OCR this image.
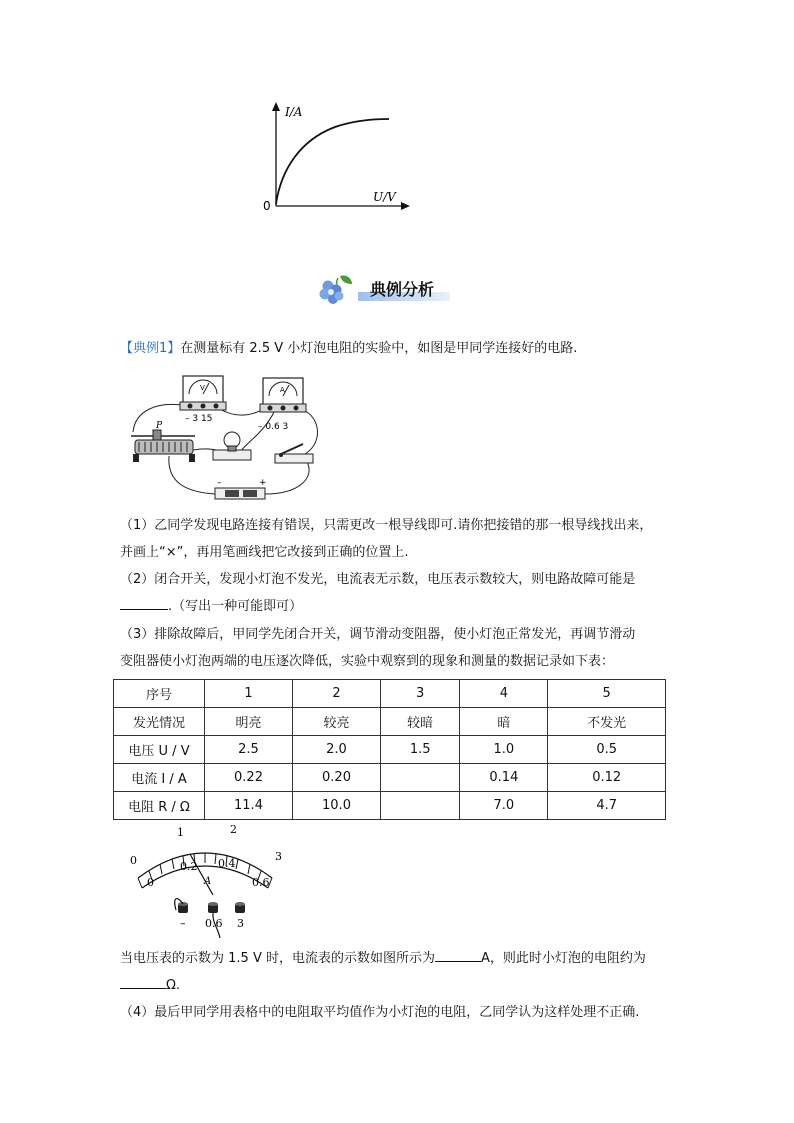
I/A
U/V
0
典例分析
【典例1】在测量标有 2.5 V 小灯泡电阻的实验中，如图是甲同学连接好的电路.
V
– 3 15
A
– 0.6 3
P
–	+
（1）乙同学发现电路连接有错误，只需更改一根导线即可.请你把接错的那一根导线找出来，
并画上“×”，再用笔画线把它改接到正确的位置上.
（2）闭合开关，发现小灯泡不发光，电流表无示数，电压表示数较大，则电路故障可能是
.（写出一种可能即可）
（3）排除故障后，甲同学先闭合开关，调节滑动变阻器，使小灯泡正常发光，再调节滑动
变阻器使小灯泡两端的电压逐次降低，实验中观察到的现象和测量的数据记录如下表：
序号	1	2	3	4	5
发光情况	明亮	较亮	较暗	暗	不发光
电压 U / V	2.5	2.0	1.5	1.0	0.5
电流 I / A	0.22	0.20		0.14	0.12
电阻 R / Ω	11.4	10.0		7.0	4.7
0
1	2
3
0
0.2 0.4
0.6
A
– 0.6 3
当电压表的示数为 1.5 V 时，电流表的示数如图所示为	A，则此时小灯泡的电阻约为
Ω.
（4）最后甲同学用表格中的电阻取平均值作为小灯泡的电阻，乙同学认为这样处理不正确.
